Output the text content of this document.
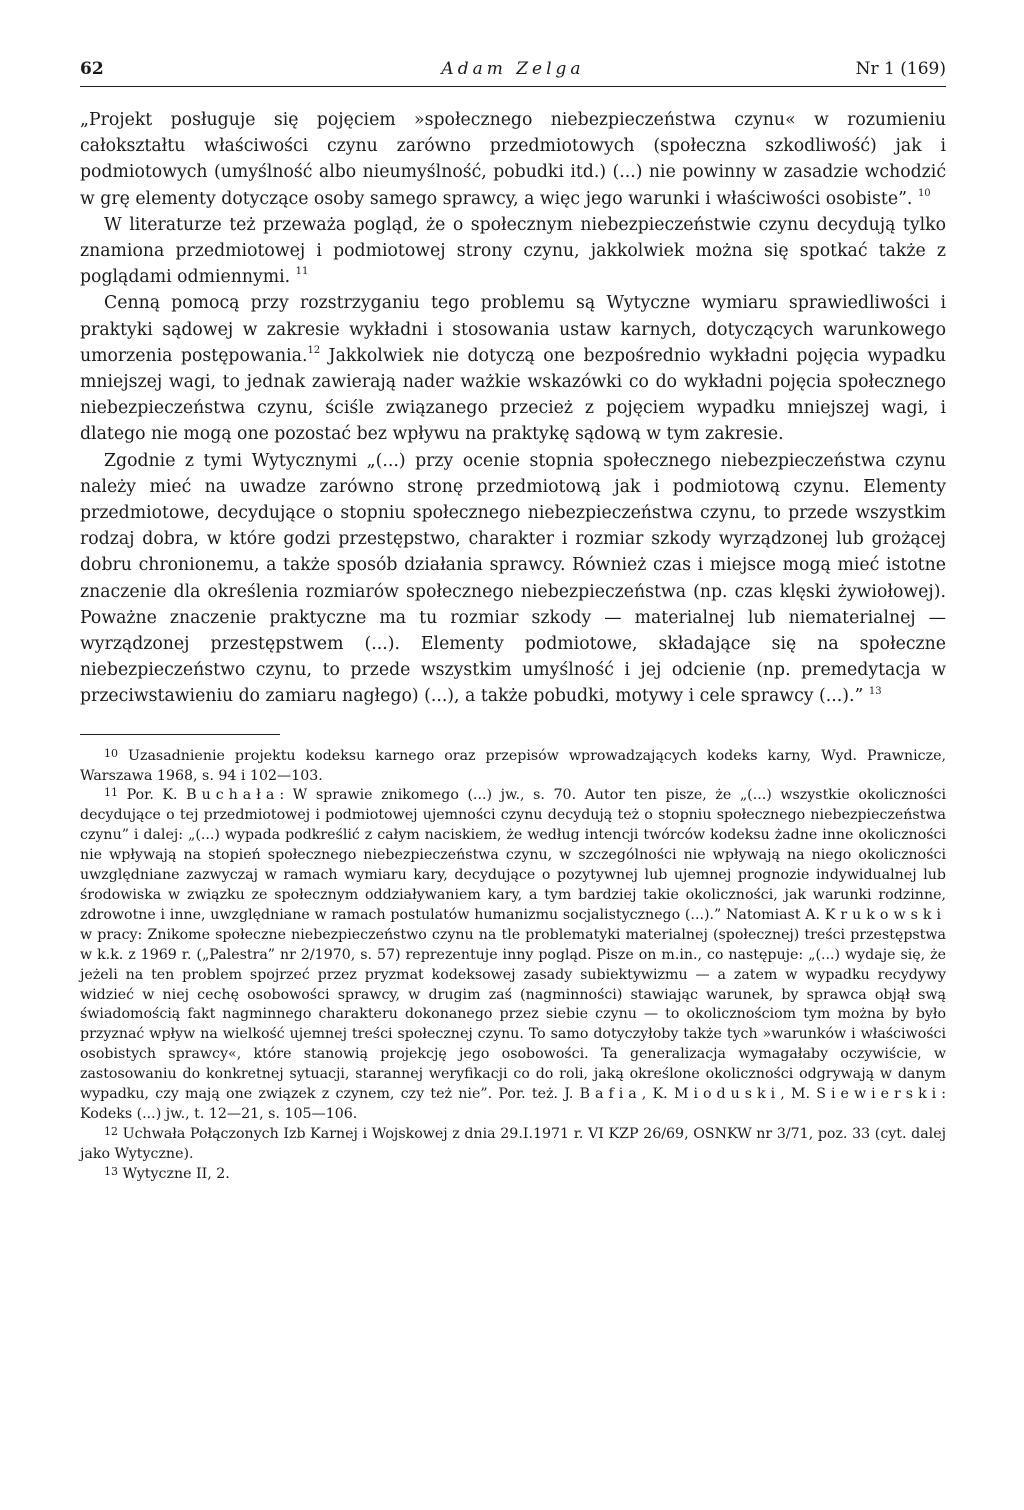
62	Adam Zelga	Nr 1 (169)

„Projekt posługuje się pojęciem »społecznego niebezpieczeństwa czynu« w rozumieniu całokształtu właściwości czynu zarówno przedmiotowych (społeczna szkodliwość) jak i podmiotowych (umyślność albo nieumyślność, pobudki itd.) (...) nie powinny w zasadzie wchodzić w grę elementy dotyczące osoby samego sprawcy, a więc jego warunki i właściwości osobiste”. $^{10}$

W literaturze też przeważa pogląd, że o społecznym niebezpieczeństwie czynu decydują tylko znamiona przedmiotowej i podmiotowej strony czynu, jakkolwiek można się spotkać także z poglądami odmiennymi. $^{11}$

Cenną pomocą przy rozstrzyganiu tego problemu są Wytyczne wymiaru sprawiedliwości i praktyki sądowej w zakresie wykładni i stosowania ustaw karnych, dotyczących warunkowego umorzenia postępowania.$^{12}$ Jakkolwiek nie dotyczą one bezpośrednio wykładni pojęcia wypadku mniejszej wagi, to jednak zawierają nader ważkie wskazówki co do wykładni pojęcia społecznego niebezpieczeństwa czynu, ściśle związanego przecież z pojęciem wypadku mniejszej wagi, i dlatego nie mogą one pozostać bez wpływu na praktykę sądową w tym zakresie.

Zgodnie z tymi Wytycznymi „(...) przy ocenie stopnia społecznego niebezpieczeństwa czynu należy mieć na uwadze zarówno stronę przedmiotową jak i podmiotową czynu. Elementy przedmiotowe, decydujące o stopniu społecznego niebezpieczeństwa czynu, to przede wszystkim rodzaj dobra, w które godzi przestępstwo, charakter i rozmiar szkody wyrządzonej lub grożącej dobru chronionemu, a także sposób działania sprawcy. Również czas i miejsce mogą mieć istotne znaczenie dla określenia rozmiarów społecznego niebezpieczeństwa (np. czas klęski żywiołowej). Poważne znaczenie praktyczne ma tu rozmiar szkody — materialnej lub niematerialnej — wyrządzonej przestępstwem (...). Elementy podmiotowe, składające się na społeczne niebezpieczeństwo czynu, to przede wszystkim umyślność i jej odcienie (np. premedytacja w przeciwstawieniu do zamiaru nagłego) (...), a także pobudki, motywy i cele sprawcy (...).” $^{13}$

$^{10}$ Uzasadnienie projektu kodeksu karnego oraz przepisów wprowadzających kodeks karny, Wyd. Prawnicze, Warszawa 1968, s. 94 i 102—103.

$^{11}$ Por. K. Buchała: W sprawie znikomego (...) jw., s. 70. Autor ten pisze, że „(...) wszystkie okoliczności decydujące o tej przedmiotowej i podmiotowej ujemności czynu decydują też o stopniu społecznego niebezpieczeństwa czynu” i dalej: „(...) wypada podkreślić z całym naciskiem, że według intencji twórców kodeksu żadne inne okoliczności nie wpływają na stopień społecznego niebezpieczeństwa czynu, w szczególności nie wpływają na niego okoliczności uwzględniane zazwyczaj w ramach wymiaru kary, decydujące o pozytywnej lub ujemnej prognozie indywidualnej lub środowiska w związku ze społecznym oddziaływaniem kary, a tym bardziej takie okoliczności, jak warunki rodzinne, zdrowotne i inne, uwzględniane w ramach postulatów humanizmu socjalistycznego (...).” Natomiast A. Krukowski w pracy: Znikome społeczne niebezpieczeństwo czynu na tle problematyki materialnej (społecznej) treści przestępstwa w k.k. z 1969 r. („Palestra” nr 2/1970, s. 57) reprezentuje inny pogląd. Pisze on m.in., co następuje: „(...) wydaje się, że jeżeli na ten problem spojrzeć przez pryzmat kodeksowej zasady subiektywizmu — a zatem w wypadku recydywy widzieć w niej cechę osobowości sprawcy, w drugim zaś (nagminności) stawiając warunek, by sprawca objął swą świadomością fakt nagminnego charakteru dokonanego przez siebie czynu — to okolicznościom tym można by było przyznać wpływ na wielkość ujemnej treści społecznej czynu. To samo dotyczyłoby także tych »warunków i właściwości osobistych sprawcy«, które stanowią projekcję jego osobowości. Ta generalizacja wymagałaby oczywiście, w zastosowaniu do konkretnej sytuacji, starannej weryfikacji co do roli, jaką określone okoliczności odgrywają w danym wypadku, czy mają one związek z czynem, czy też nie”. Por. też. J. Bafia, K. Mioduski, M. Siewierski: Kodeks (...) jw., t. 12—21, s. 105—106.

$^{12}$ Uchwała Połączonych Izb Karnej i Wojskowej z dnia 29.I.1971 r. VI KZP 26/69, OSNKW nr 3/71, poz. 33 (cyt. dalej jako Wytyczne).

$^{13}$ Wytyczne II, 2.
